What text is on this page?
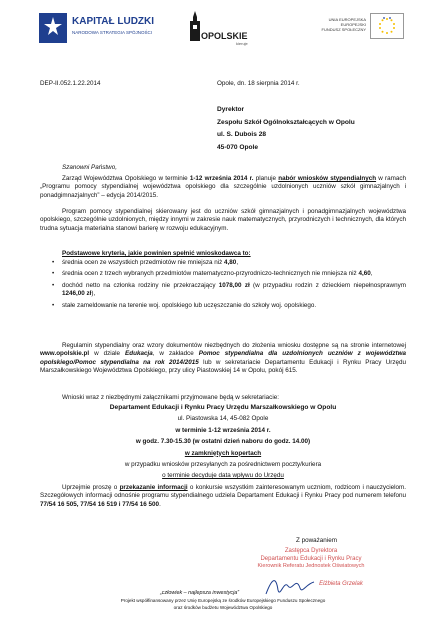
KAPITAŁ LUDZKI
NARODOWA STRATEGIA SPÓJNOŚCI	OPOLSKIE
kieruje
UNIA EUROPEJSKA
EUROPEJSKI
FUNDUSZ SPOŁECZNY
DEP-II.052.1.22.2014	Opole, dn. 18 sierpnia 2014 r.
Dyrektor
Zespołu Szkół Ogólnokształcących w Opolu
ul. S. Dubois 28
45-070 Opole
Szanowni Państwo,
Zarząd Województwa Opolskiego w terminie 1-12 września 2014 r. planuje nabór wniosków stypendialnych w ramach „Programu pomocy stypendialnej województwa opolskiego dla szczególnie uzdolnionych uczniów szkół gimnazjalnych i ponadgimnazjalnych” – edycja 2014/2015.
Program pomocy stypendialnej skierowany jest do uczniów szkół gimnazjalnych i ponadgimnazjalnych województwa opolskiego, szczególnie uzdolnionych, między innymi w zakresie nauk matematycznych, przyrodniczych i technicznych, dla których trudna sytuacja materialna stanowi barierę w rozwoju edukacyjnym.
Podstawowe kryteria, jakie powinien spełnić wnioskodawca to:
• średnia ocen ze wszystkich przedmiotów nie mniejsza niż 4,80,
• średnia ocen z trzech wybranych przedmiotów matematyczno-przyrodniczo-technicznych nie mniejsza niż 4,60,
• dochód netto na członka rodziny nie przekraczający 1078,00 zł (w przypadku rodzin z dzieckiem niepełnosprawnym 1246,00 zł),
• stałe zameldowanie na terenie woj. opolskiego lub uczęszczanie do szkoły woj. opolskiego.
Regulamin stypendialny oraz wzory dokumentów niezbędnych do złożenia wniosku dostępne są na stronie internetowej www.opolskie.pl w dziale Edukacja, w zakładce Pomoc stypendialna dla uzdolnionych uczniów z województwa opolskiego/Pomoc stypendialna na rok 2014/2015 lub w sekretariacie Departamentu Edukacji i Rynku Pracy Urzędu Marszałkowskiego Województwa Opolskiego, przy ulicy Piastowskiej 14 w Opolu, pokój 615.
Wnioski wraz z niezbędnymi załącznikami przyjmowane będą w sekretariacie:
Departament Edukacji i Rynku Pracy Urzędu Marszałkowskiego w Opolu
ul. Piastowska 14, 45-082 Opole
w terminie 1-12 września 2014 r.
w godz. 7.30-15.30 (w ostatni dzień naboru do godz. 14.00)
w zamkniętych kopertach
w przypadku wniosków przesyłanych za pośrednictwem poczty/kuriera
o terminie decyduje data wpływu do Urzędu
Uprzejmie proszę o przekazanie informacji o konkursie wszystkim zainteresowanym uczniom, rodzicom i nauczycielom. Szczegółowych informacji odnośnie programu stypendialnego udziela Departament Edukacji i Rynku Pracy pod numerem telefonu 77/54 16 505, 77/54 16 519 i 77/54 16 500.
Z poważaniem
Zastępca Dyrektora
Departamentu Edukacji i Rynku Pracy
Kierownik Referatu Jednostek Oświatowych
Elżbieta Grzelak
„człowiek – najlepsza inwestycja”
Projekt współfinansowany przez Unię Europejską ze środków Europejskiego Funduszu Społecznego
oraz środków budżetu Województwa Opolskiego
